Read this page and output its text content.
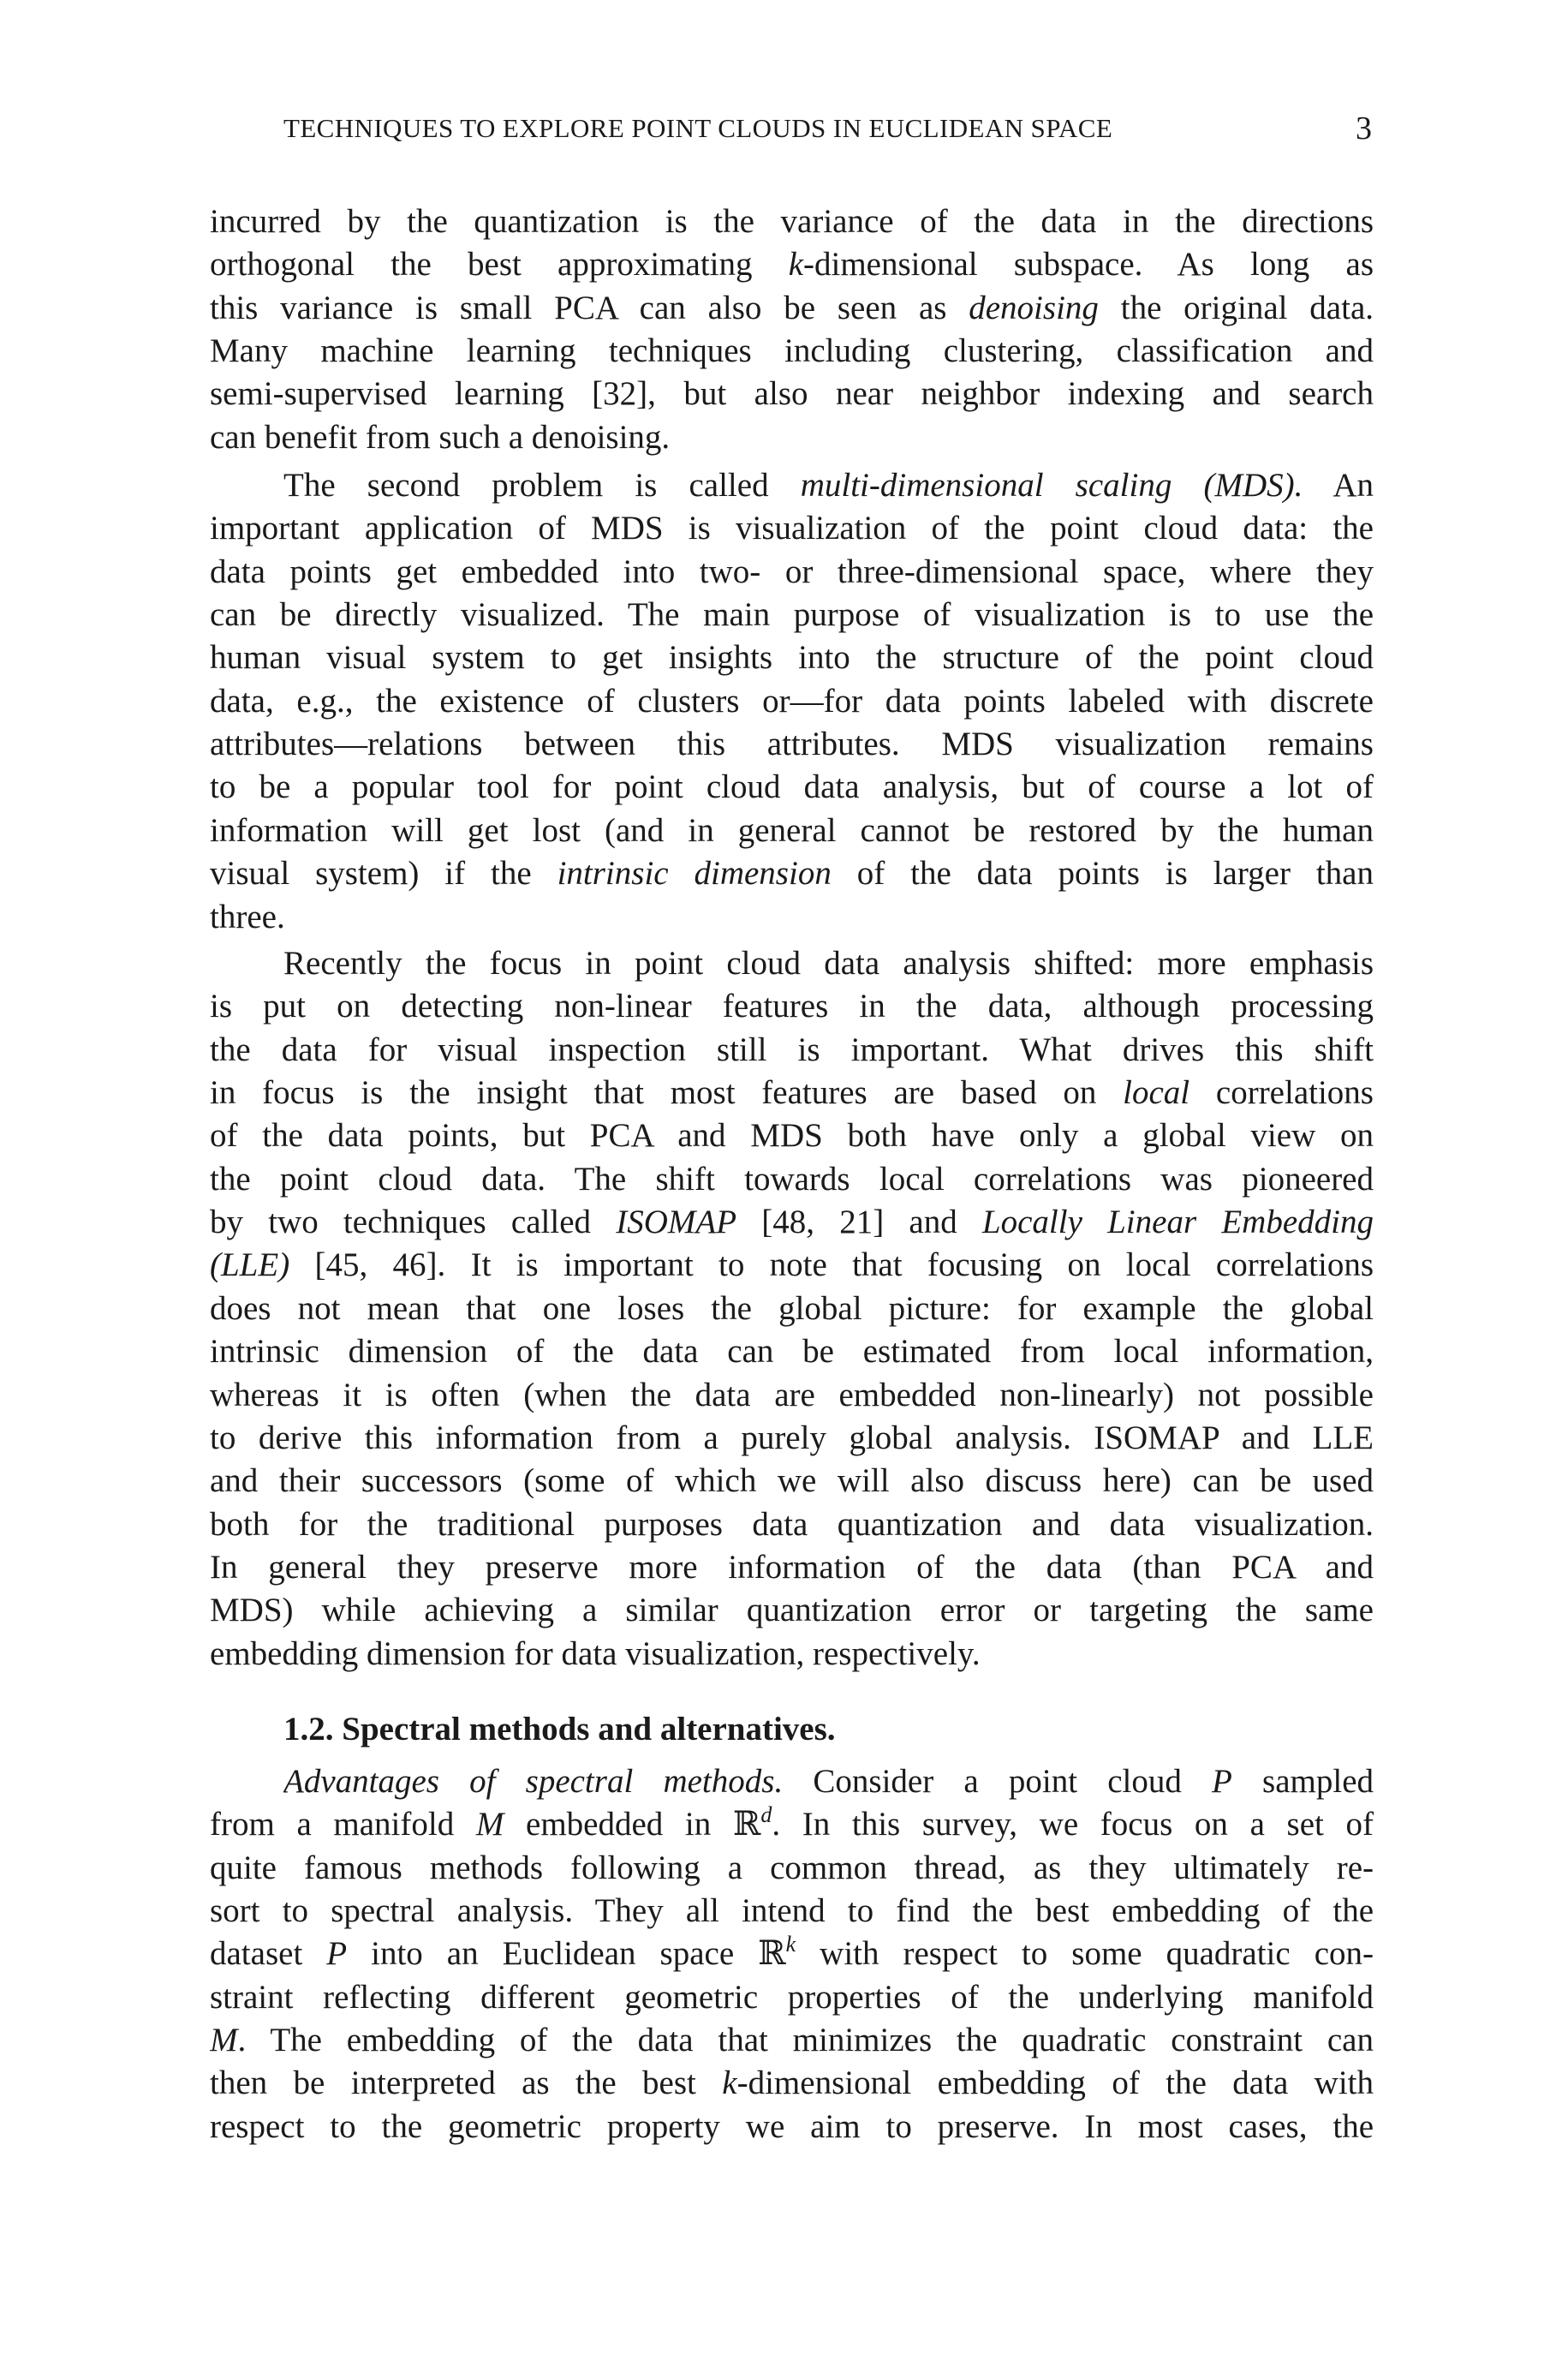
TECHNIQUES TO EXPLORE POINT CLOUDS IN EUCLIDEAN SPACE	3
incurred by the quantization is the variance of the data in the directions
orthogonal the best approximating k-dimensional subspace. As long as
this variance is small PCA can also be seen as denoising the original data.
Many machine learning techniques including clustering, classification and
semi-supervised learning [32], but also near neighbor indexing and search
can benefit from such a denoising.
The second problem is called multi-dimensional scaling (MDS). An
important application of MDS is visualization of the point cloud data: the
data points get embedded into two- or three-dimensional space, where they
can be directly visualized. The main purpose of visualization is to use the
human visual system to get insights into the structure of the point cloud
data, e.g., the existence of clusters or—for data points labeled with discrete
attributes—relations between this attributes. MDS visualization remains
to be a popular tool for point cloud data analysis, but of course a lot of
information will get lost (and in general cannot be restored by the human
visual system) if the intrinsic dimension of the data points is larger than
three.
Recently the focus in point cloud data analysis shifted: more emphasis
is put on detecting non-linear features in the data, although processing
the data for visual inspection still is important. What drives this shift
in focus is the insight that most features are based on local correlations
of the data points, but PCA and MDS both have only a global view on
the point cloud data. The shift towards local correlations was pioneered
by two techniques called ISOMAP [48, 21] and Locally Linear Embedding
(LLE) [45, 46]. It is important to note that focusing on local correlations
does not mean that one loses the global picture: for example the global
intrinsic dimension of the data can be estimated from local information,
whereas it is often (when the data are embedded non-linearly) not possible
to derive this information from a purely global analysis. ISOMAP and LLE
and their successors (some of which we will also discuss here) can be used
both for the traditional purposes data quantization and data visualization.
In general they preserve more information of the data (than PCA and
MDS) while achieving a similar quantization error or targeting the same
embedding dimension for data visualization, respectively.
1.2. Spectral methods and alternatives.
Advantages of spectral methods. Consider a point cloud P sampled
from a manifold M embedded in ℝ$^d$. In this survey, we focus on a set of
quite famous methods following a common thread, as they ultimately re-
sort to spectral analysis. They all intend to find the best embedding of the
dataset P into an Euclidean space ℝ$^k$ with respect to some quadratic con-
straint reflecting different geometric properties of the underlying manifold
M. The embedding of the data that minimizes the quadratic constraint can
then be interpreted as the best k-dimensional embedding of the data with
respect to the geometric property we aim to preserve. In most cases, the
